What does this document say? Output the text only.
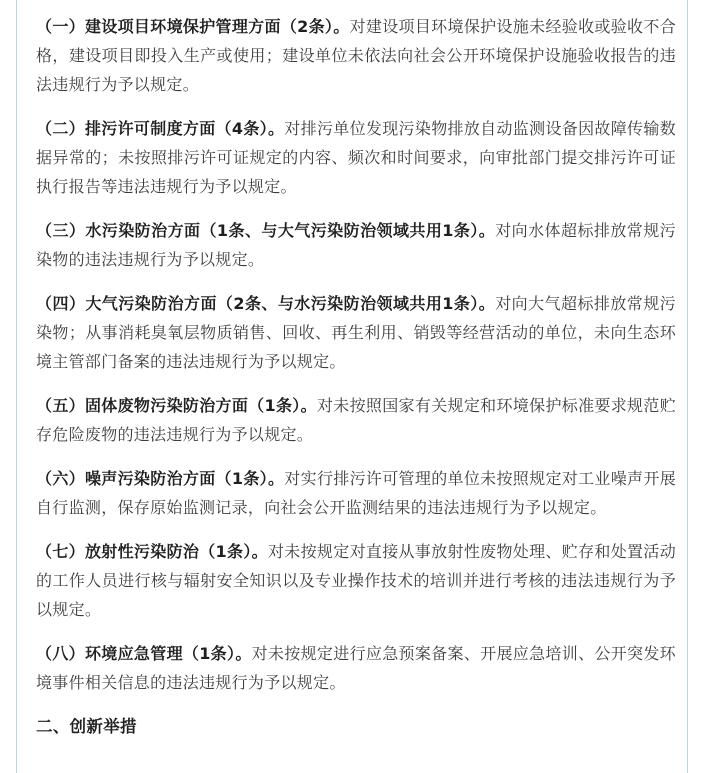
（一）建设项目环境保护管理方面（2条）。对建设项目环境保护设施未经验收或验收不合格，建设项目即投入生产或使用；建设单位未依法向社会公开环境保护设施验收报告的违法违规行为予以规定。

（二）排污许可制度方面（4条）。对排污单位发现污染物排放自动监测设备因故障传输数据异常的；未按照排污许可证规定的内容、频次和时间要求，向审批部门提交排污许可证执行报告等违法违规行为予以规定。

（三）水污染防治方面（1条、与大气污染防治领域共用1条）。对向水体超标排放常规污染物的违法违规行为予以规定。

（四）大气污染防治方面（2条、与水污染防治领域共用1条）。对向大气超标排放常规污染物；从事消耗臭氧层物质销售、回收、再生利用、销毁等经营活动的单位，未向生态环境主管部门备案的违法违规行为予以规定。

（五）固体废物污染防治方面（1条）。对未按照国家有关规定和环境保护标准要求规范贮存危险废物的违法违规行为予以规定。

（六）噪声污染防治方面（1条）。对实行排污许可管理的单位未按照规定对工业噪声开展自行监测，保存原始监测记录，向社会公开监测结果的违法违规行为予以规定。

（七）放射性污染防治（1条）。对未按规定对直接从事放射性废物处理、贮存和处置活动的工作人员进行核与辐射安全知识以及专业操作技术的培训并进行考核的违法违规行为予以规定。

（八）环境应急管理（1条）。对未按规定进行应急预案备案、开展应急培训、公开突发环境事件相关信息的违法违规行为予以规定。

二、创新举措
